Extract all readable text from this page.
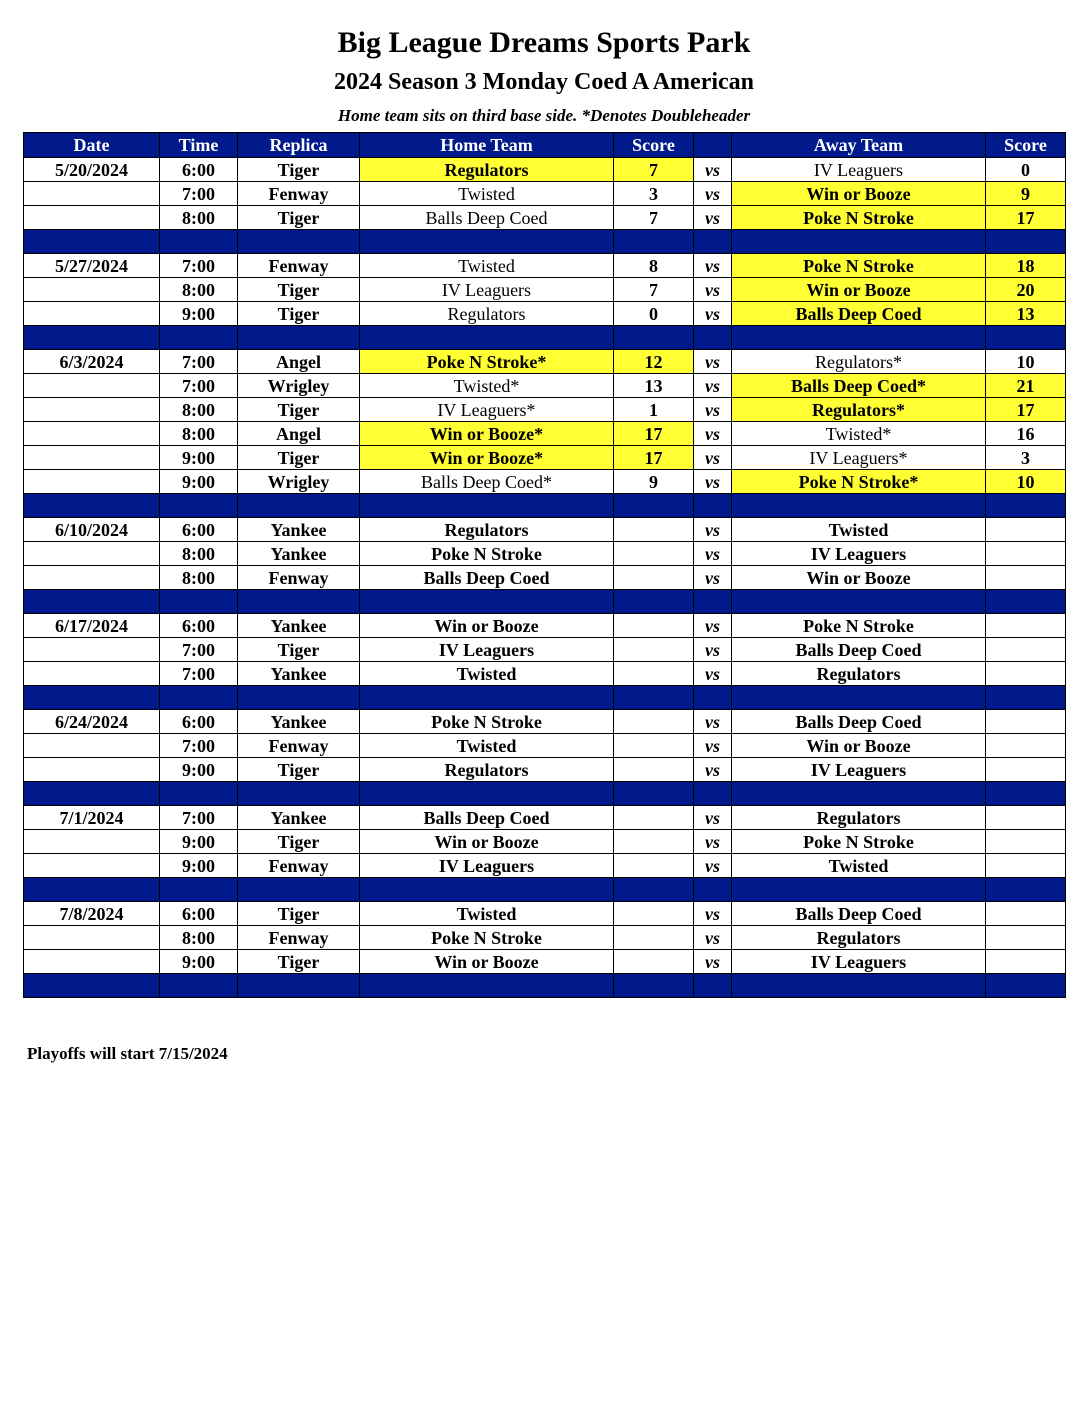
Big League Dreams Sports Park
2024 Season 3 Monday Coed A American
Home team sits on third base side. *Denotes Doubleheader
Date	Time	Replica	Home Team	Score		Away Team	Score
5/20/2024	6:00	Tiger	Regulators	7	vs	IV Leaguers	0
	7:00	Fenway	Twisted	3	vs	Win or Booze	9
	8:00	Tiger	Balls Deep Coed	7	vs	Poke N Stroke	17

5/27/2024	7:00	Fenway	Twisted	8	vs	Poke N Stroke	18
	8:00	Tiger	IV Leaguers	7	vs	Win or Booze	20
	9:00	Tiger	Regulators	0	vs	Balls Deep Coed	13

6/3/2024	7:00	Angel	Poke N Stroke*	12	vs	Regulators*	10
	7:00	Wrigley	Twisted*	13	vs	Balls Deep Coed*	21
	8:00	Tiger	IV Leaguers*	1	vs	Regulators*	17
	8:00	Angel	Win or Booze*	17	vs	Twisted*	16
	9:00	Tiger	Win or Booze*	17	vs	IV Leaguers*	3
	9:00	Wrigley	Balls Deep Coed*	9	vs	Poke N Stroke*	10

6/10/2024	6:00	Yankee	Regulators		vs	Twisted	
	8:00	Yankee	Poke N Stroke		vs	IV Leaguers	
	8:00	Fenway	Balls Deep Coed		vs	Win or Booze	

6/17/2024	6:00	Yankee	Win or Booze		vs	Poke N Stroke	
	7:00	Tiger	IV Leaguers		vs	Balls Deep Coed	
	7:00	Yankee	Twisted		vs	Regulators	

6/24/2024	6:00	Yankee	Poke N Stroke		vs	Balls Deep Coed	
	7:00	Fenway	Twisted		vs	Win or Booze	
	9:00	Tiger	Regulators		vs	IV Leaguers	

7/1/2024	7:00	Yankee	Balls Deep Coed		vs	Regulators	
	9:00	Tiger	Win or Booze		vs	Poke N Stroke	
	9:00	Fenway	IV Leaguers		vs	Twisted	

7/8/2024	6:00	Tiger	Twisted		vs	Balls Deep Coed	
	8:00	Fenway	Poke N Stroke		vs	Regulators	
	9:00	Tiger	Win or Booze		vs	IV Leaguers	

Playoffs will start 7/15/2024
